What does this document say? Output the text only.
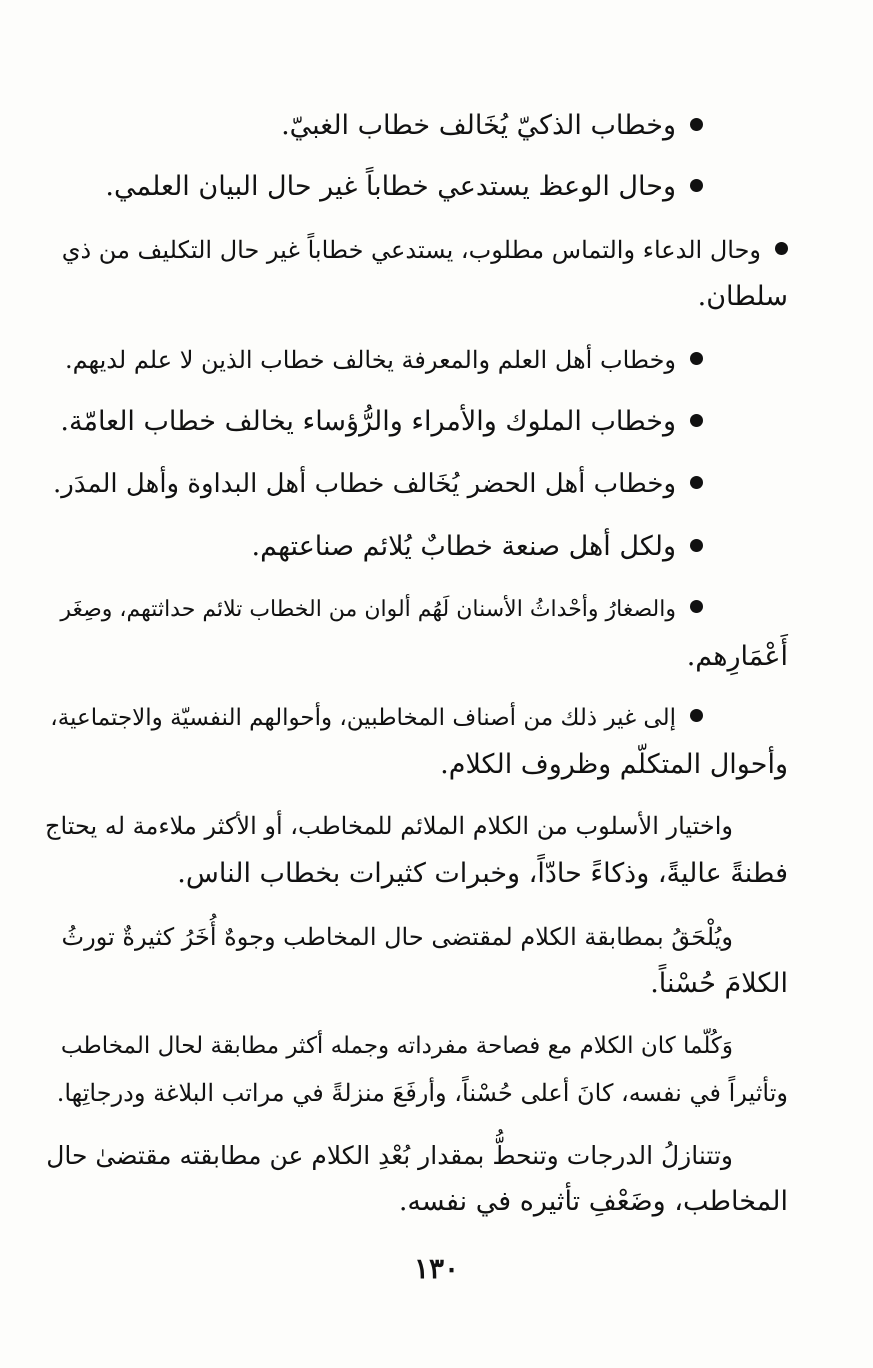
وخطاب الذكيّ يُخَالف خطاب الغبيّ.
وحال الوعظ يستدعي خطاباً غير حال البيان العلمي.
وحال الدعاء والتماس مطلوب، يستدعي خطاباً غير حال التكليف من ذي
سلطان.
وخطاب أهل العلم والمعرفة يخالف خطاب الذين لا علم لديهم.
وخطاب الملوك والأمراء والرُّؤساء يخالف خطاب العامّة.
وخطاب أهل الحضر يُخَالف خطاب أهل البداوة وأهل المدَر.
ولكل أهل صنعة خطابٌ يُلائم صناعتهم.
والصغارُ وأحْداثُ الأسنان لَهُم ألوان من الخطاب تلائم حداثتهم، وصِغَر
أَعْمَارِهم.
إلى غير ذلك من أصناف المخاطبين، وأحوالهم النفسيّة والاجتماعية،
وأحوال المتكلّم وظروف الكلام.
واختيار الأسلوب من الكلام الملائم للمخاطب، أو الأكثر ملاءمة له يحتاج
فطنةً عاليةً، وذكاءً حادّاً، وخبرات كثيرات بخطاب الناس.
ويُلْحَقُ بمطابقة الكلام لمقتضى حال المخاطب وجوهٌ أُخَرُ كثيرةٌ تورثُ
الكلامَ حُسْناً.
وَكُلّما كان الكلام مع فصاحة مفرداته وجمله أكثر مطابقة لحال المخاطب
وتأثيراً في نفسه، كانَ أعلى حُسْناً، وأرفَعَ منزلةً في مراتب البلاغة ودرجاتِها.
وتتنازلُ الدرجات وتنحطُّ بمقدار بُعْدِ الكلام عن مطابقته مقتضىٰ حال
المخاطب، وضَعْفِ تأثيره في نفسه.
١٣٠
